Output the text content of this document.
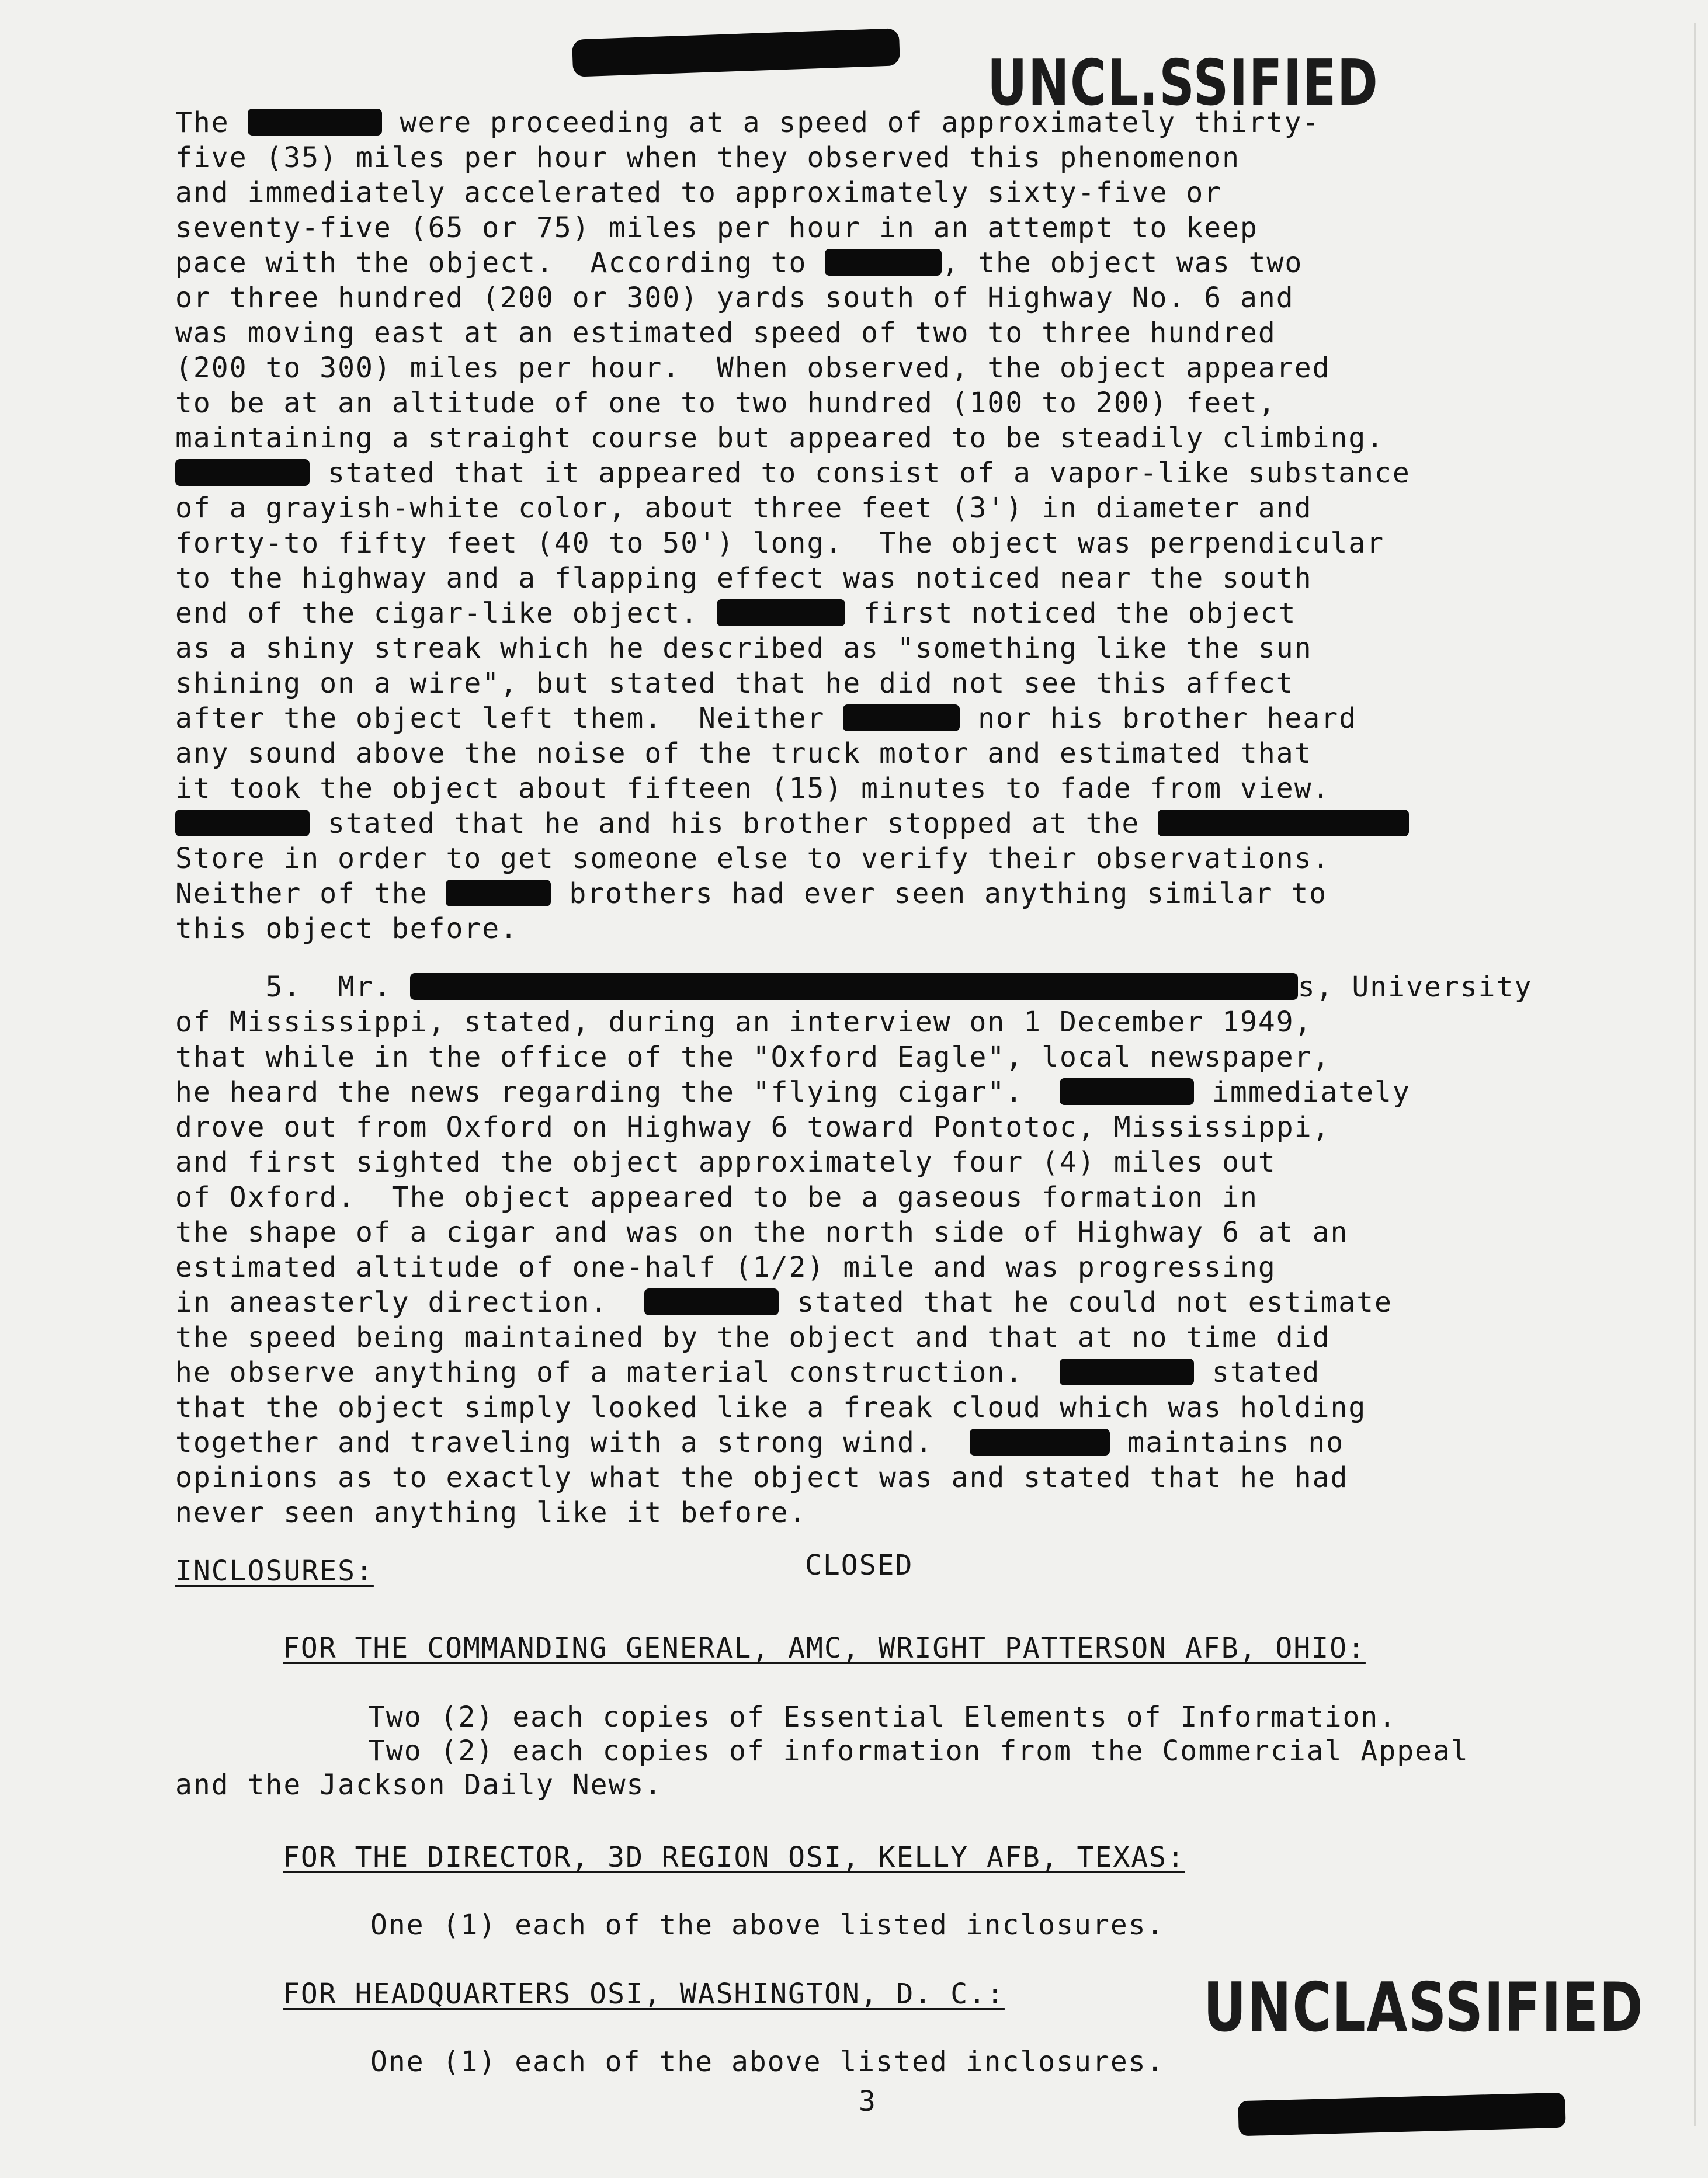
UNCL.SSIFIED
The	were proceeding at a speed of approximately thirty-
five (35) miles per hour when they observed this phenomenon
and immediately accelerated to approximately sixty-five or
seventy-five (65 or 75) miles per hour in an attempt to keep
pace with the object.  According to	, the object was two
or three hundred (200 or 300) yards south of Highway No. 6 and
was moving east at an estimated speed of two to three hundred
(200 to 300) miles per hour.  When observed, the object appeared
to be at an altitude of one to two hundred (100 to 200) feet,
maintaining a straight course but appeared to be steadily climbing.
stated that it appeared to consist of a vapor-like substance
of a grayish-white color, about three feet (3') in diameter and
forty-to fifty feet (40 to 50') long.  The object was perpendicular
to the highway and a flapping effect was noticed near the south
end of the cigar-like object.	first noticed the object
as a shiny streak which he described as "something like the sun
shining on a wire", but stated that he did not see this affect
after the object left them.  Neither	nor his brother heard
any sound above the noise of the truck motor and estimated that
it took the object about fifteen (15) minutes to fade from view.
stated that he and his brother stopped at the
Store in order to get someone else to verify their observations.
Neither of the	brothers had ever seen anything similar to
this object before.
5.  Mr.	s, University
of Mississippi, stated, during an interview on 1 December 1949,
that while in the office of the "Oxford Eagle", local newspaper,
he heard the news regarding the "flying cigar".	immediately
drove out from Oxford on Highway 6 toward Pontotoc, Mississippi,
and first sighted the object approximately four (4) miles out
of Oxford.  The object appeared to be a gaseous formation in
the shape of a cigar and was on the north side of Highway 6 at an
estimated altitude of one-half (1/2) mile and was progressing
in aneasterly direction.	stated that he could not estimate
the speed being maintained by the object and that at no time did
he observe anything of a material construction.	stated
that the object simply looked like a freak cloud which was holding
together and traveling with a strong wind.	maintains no
opinions as to exactly what the object was and stated that he had
never seen anything like it before.
INCLOSURES:	CLOSED
FOR THE COMMANDING GENERAL, AMC, WRIGHT PATTERSON AFB, OHIO:
Two (2) each copies of Essential Elements of Information.
Two (2) each copies of information from the Commercial Appeal
and the Jackson Daily News.
FOR THE DIRECTOR, 3D REGION OSI, KELLY AFB, TEXAS:
One (1) each of the above listed inclosures.
FOR HEADQUARTERS OSI, WASHINGTON, D. C.:
One (1) each of the above listed inclosures.
UNCLASSIFIED
3
